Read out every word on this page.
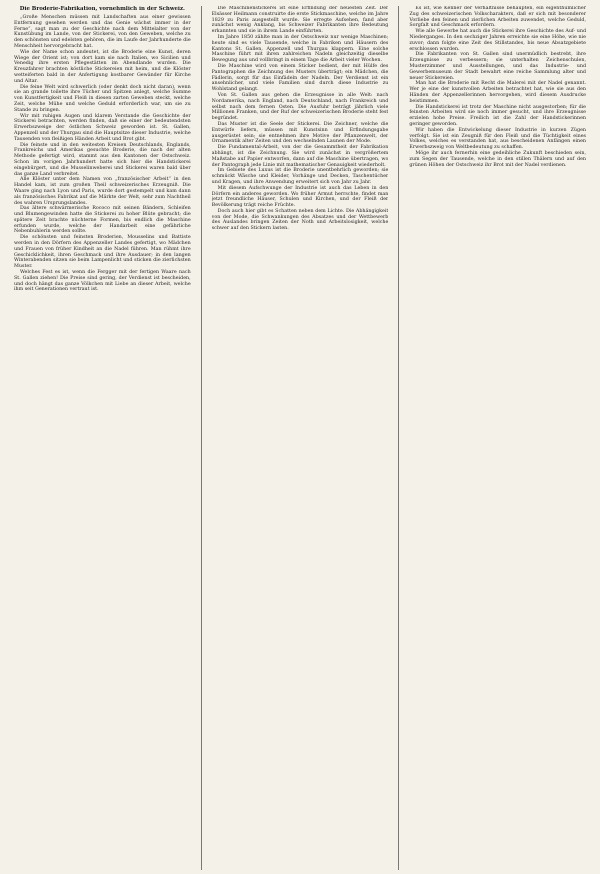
Die Broderie-Fabrikation, vornehmlich in der Schweiz.

„Große Menschen müssen mit Landschaften aus einer gewissen Entfernung gesehen werden und das Genie wächst immer in der Ferne“, sagt man zu der Geschichte nach dem Mittelalter von der Kunstübung im Lande, von der Stickerei, von den Geweben, welche zu den schönsten und edelsten gehören, die im Laufe der Jahrhunderte die Menschheit hervorgebracht hat.

Wie der Name schon andeutet, ist die Broderie eine Kunst, deren Wiege der Orient ist; von dort kam sie nach Italien, wo Sicilien und Venedig ihre ersten Pflegestätten im Abendlande wurden. Die Kreuzfahrer brachten köstliche Stickereien mit heim, und die Klöster wetteiferten bald in der Anfertigung kostbarer Gewänder für Kirche und Altar.

Die feine Welt wird schwerlich (oder denkt doch nicht daran), wenn sie an grande toilette ihre Tücher und Spitzen anlegt, welche Summe von Kunstfertigkeit und Fleiß in diesen zarten Geweben steckt, welche Zeit, welche Mühe und welche Geduld erforderlich war, um sie zu Stande zu bringen.

Wir mit ruhigen Augen und klarem Verstande die Geschichte der Stickerei betrachten, werden finden, daß sie einer der bedeutendsten Erwerbszweige der östlichen Schweiz geworden ist. St. Gallen, Appenzell und der Thurgau sind die Hauptsitze dieser Industrie, welche Tausenden von fleißigen Händen Arbeit und Brot gibt.

Die feinste und in den weitesten Kreisen Deutschlands, Englands, Frankreichs und Amerikas gesuchte Broderie, die nach der alten Methode gefertigt wird, stammt aus den Kantonen der Ostschweiz. Schon im vorigen Jahrhundert hatte sich hier die Handstickerei eingebürgert, und die Musselinweberei und Stickerei waren bald über das ganze Land verbreitet.

Alle Klöster unter dem Namen von „französischer Arbeit“ in den Handel kam, ist zum großen Theil schweizerisches Erzeugniß. Die Waare ging nach Lyon und Paris, wurde dort gestempelt und kam dann als französisches Fabrikat auf die Märkte der Welt, sehr zum Nachtheil des wahren Ursprungslandes.

Das ältere schwärmerische Rococo mit seinen Bändern, Schleifen und Blumengewinden hatte die Stickerei zu hoher Blüte gebracht; die spätere Zeit brachte nüchterne Formen, bis endlich die Maschine erfunden wurde, welche der Handarbeit eine gefährliche Nebenbuhlerin werden sollte.

Die schönsten und feinsten Broderien, Mousselins und Battiste werden in den Dörfern des Appenzeller Landes gefertigt, wo Mädchen und Frauen von früher Kindheit an die Nadel führen. Man rühmt ihre Geschicklichkeit, ihren Geschmack und ihre Ausdauer; in den langen Winterabenden sitzen sie beim Lampenlicht und sticken die zierlichsten Muster.

Welches Fest es ist, wenn die Fergger mit der fertigen Waare nach St. Gallen ziehen! Die Preise sind gering, der Verdienst ist bescheiden, und doch hängt das ganze Völkchen mit Liebe an dieser Arbeit, welche ihm seit Generationen vertraut ist.

Die Maschinenstickerei ist eine Erfindung der neuesten Zeit. Der Elsässer Heilmann construirte die erste Stickmaschine, welche im Jahre 1829 zu Paris ausgestellt wurde. Sie erregte Aufsehen, fand aber zunächst wenig Anklang, bis Schweizer Fabrikanten ihre Bedeutung erkannten und sie in ihrem Lande einführten.

Im Jahre 1850 zählte man in der Ostschweiz nur wenige Maschinen; heute sind es viele Tausende, welche in Fabriken und Häusern des Kantons St. Gallen, Appenzell und Thurgau klappern. Eine solche Maschine führt mit ihren zahlreichen Nadeln gleichzeitig dieselbe Bewegung aus und vollbringt in einem Tage die Arbeit vieler Wochen.

Die Maschine wird von einem Sticker bedient, der mit Hülfe des Pantographen die Zeichnung des Musters überträgt; ein Mädchen, die Fädlerin, sorgt für das Einfädeln der Nadeln. Der Verdienst ist ein ansehnlicher, und viele Familien sind durch diese Industrie zu Wohlstand gelangt.

Von St. Gallen aus gehen die Erzeugnisse in alle Welt: nach Nordamerika, nach England, nach Deutschland, nach Frankreich und selbst nach dem fernen Osten. Die Ausfuhr beträgt jährlich viele Millionen Franken, und der Ruf der schweizerischen Broderie steht fest begründet.

Das Muster ist die Seele der Stickerei. Die Zeichner, welche die Entwürfe liefern, müssen mit Kunstsinn und Erfindungsgabe ausgerüstet sein; sie entnehmen ihre Motive der Pflanzenwelt, der Ornamentik alter Zeiten und den wechselnden Launen der Mode.

Die Fundamental-Arbeit, von der die Gesammtheit der Fabrikation abhängt, ist die Zeichnung. Sie wird zunächst in vergrößertem Maßstabe auf Papier entworfen, dann auf die Maschine übertragen, wo der Pantograph jede Linie mit mathematischer Genauigkeit wiederholt.

Im Gebiete des Luxus ist die Broderie unentbehrlich geworden; sie schmückt Wäsche und Kleider, Vorhänge und Decken, Taschentücher und Kragen, und ihre Anwendung erweitert sich von Jahr zu Jahr.

Mit diesem Aufschwunge der Industrie ist auch das Leben in den Dörfern ein anderes geworden. Wo früher Armut herrschte, findet man jetzt freundliche Häuser, Schulen und Kirchen, und der Fleiß der Bevölkerung trägt reiche Früchte.

Doch auch hier gibt es Schatten neben dem Lichte. Die Abhängigkeit von der Mode, die Schwankungen des Absatzes und der Wettbewerb des Auslandes bringen Zeiten der Noth und Arbeitslosigkeit, welche schwer auf den Stickern lasten.

Es ist, wie Kenner der Verhältnisse behaupten, ein eigenthümlicher Zug des schweizerischen Volkscharakters, daß er sich mit besonderer Vorliebe den feinen und zierlichen Arbeiten zuwendet, welche Geduld, Sorgfalt und Geschmack erfordern.

Wie alle Gewerbe hat auch die Stickerei ihre Geschichte des Auf- und Niederganges. In den sechziger Jahren erreichte sie eine Höhe, wie nie zuvor; dann folgte eine Zeit des Stillstandes, bis neue Absatzgebiete erschlossen wurden.

Die Fabrikanten von St. Gallen sind unermüdlich bestrebt, ihre Erzeugnisse zu verbessern; sie unterhalten Zeichenschulen, Musterzimmer und Ausstellungen, und das Industrie- und Gewerbemuseum der Stadt bewahrt eine reiche Sammlung alter und neuer Stickereien.

Man hat die Broderie mit Recht die Malerei mit der Nadel genannt. Wer je eine der kunstvollen Arbeiten betrachtet hat, wie sie aus den Händen der Appenzellerinnen hervorgehen, wird diesem Ausdrucke beistimmen.

Die Handstickerei ist trotz der Maschine nicht ausgestorben; für die feinsten Arbeiten wird sie noch immer gesucht, und ihre Erzeugnisse erzielen hohe Preise. Freilich ist die Zahl der Handstickerinnen geringer geworden.

Wir haben die Entwickelung dieser Industrie in kurzen Zügen verfolgt. Sie ist ein Zeugniß für den Fleiß und die Tüchtigkeit eines Volkes, welches es verstanden hat, aus bescheidenen Anfängen einen Erwerbszweig von Weltbedeutung zu schaffen.

Möge ihr auch fernerhin eine gedeihliche Zukunft beschieden sein, zum Segen der Tausende, welche in den stillen Thälern und auf den grünen Höhen der Ostschweiz ihr Brot mit der Nadel verdienen.
